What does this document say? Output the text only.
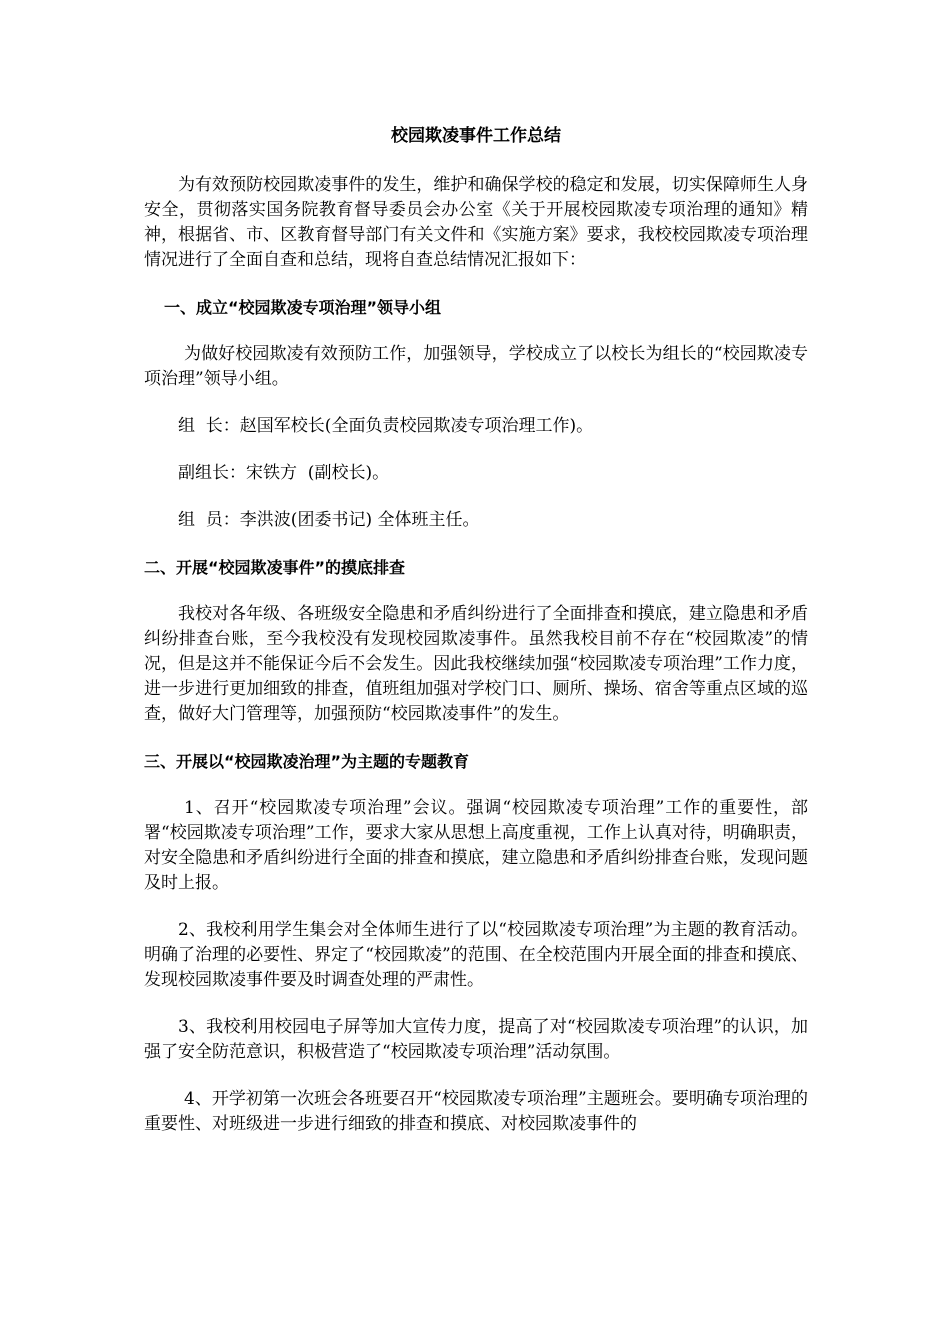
校园欺凌事件工作总结

为有效预防校园欺凌事件的发生，维护和确保学校的稳定和发展，切实保障师生人身安全，贯彻落实国务院教育督导委员会办公室《关于开展校园欺凌专项治理的通知》精神，根据省、市、区教育督导部门有关文件和《实施方案》要求，我校校园欺凌专项治理情况进行了全面自查和总结，现将自查总结情况汇报如下：

一、成立“校园欺凌专项治理”领导小组

为做好校园欺凌有效预防工作，加强领导，学校成立了以校长为组长的“校园欺凌专项治理”领导小组。

组  长：赵国军校长(全面负责校园欺凌专项治理工作)。

副组长：宋铁方  (副校长)。

组  员：李洪波(团委书记) 全体班主任。

二、开展“校园欺凌事件”的摸底排查

我校对各年级、各班级安全隐患和矛盾纠纷进行了全面排查和摸底，建立隐患和矛盾纠纷排查台账，至今我校没有发现校园欺凌事件。虽然我校目前不存在“校园欺凌”的情况，但是这并不能保证今后不会发生。因此我校继续加强“校园欺凌专项治理”工作力度，进一步进行更加细致的排查，值班组加强对学校门口、厕所、操场、宿舍等重点区域的巡查，做好大门管理等，加强预防“校园欺凌事件”的发生。

三、开展以“校园欺凌治理”为主题的专题教育

1、召开“校园欺凌专项治理”会议。强调“校园欺凌专项治理”工作的重要性，部署“校园欺凌专项治理”工作，要求大家从思想上高度重视，工作上认真对待，明确职责，对安全隐患和矛盾纠纷进行全面的排查和摸底，建立隐患和矛盾纠纷排查台账，发现问题及时上报。

2、我校利用学生集会对全体师生进行了以“校园欺凌专项治理”为主题的教育活动。明确了治理的必要性、界定了“校园欺凌”的范围、在全校范围内开展全面的排查和摸底、发现校园欺凌事件要及时调查处理的严肃性。

3、我校利用校园电子屏等加大宣传力度，提高了对“校园欺凌专项治理”的认识，加强了安全防范意识，积极营造了“校园欺凌专项治理”活动氛围。

4、开学初第一次班会各班要召开“校园欺凌专项治理”主题班会。要明确专项治理的重要性、对班级进一步进行细致的排查和摸底、对校园欺凌事件的
